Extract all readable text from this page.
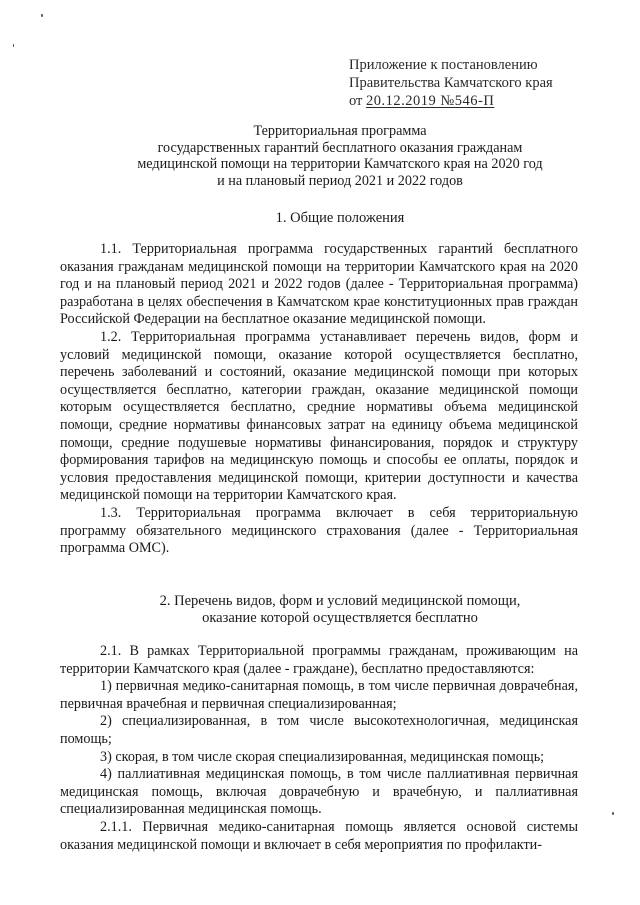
Приложение к постановлению
Правительства Камчатского края
от 20.12.2019 №546-П
Территориальная программа
государственных гарантий бесплатного оказания гражданам
медицинской помощи на территории Камчатского края на 2020 год
и на плановый период 2021 и 2022 годов
1. Общие положения

1.1. Территориальная программа государственных гарантий бесплатного оказания гражданам медицинской помощи на территории Камчатского края на 2020 год и на плановый период 2021 и 2022 годов (далее - Территориальная программа) разработана в целях обеспечения в Камчатском крае конституционных прав граждан Российской Федерации на бесплатное оказание медицинской помощи.

1.2. Территориальная программа устанавливает перечень видов, форм и условий медицинской помощи, оказание которой осуществляется бесплатно, перечень заболеваний и состояний, оказание медицинской помощи при которых осуществляется бесплатно, категории граждан, оказание медицинской помощи которым осуществляется бесплатно, средние нормативы объема медицинской помощи, средние нормативы финансовых затрат на единицу объема медицинской помощи, средние подушевые нормативы финансирования, порядок и структуру формирования тарифов на медицинскую помощь и способы ее оплаты, порядок и условия предоставления медицинской помощи, критерии доступности и качества медицинской помощи на территории Камчатского края.

1.3. Территориальная программа включает в себя территориальную программу обязательного медицинского страхования (далее - Территориальная программа ОМС).

2. Перечень видов, форм и условий медицинской помощи,
оказание которой осуществляется бесплатно

2.1. В рамках Территориальной программы гражданам, проживающим на территории Камчатского края (далее - граждане), бесплатно предоставляются:

1) первичная медико-санитарная помощь, в том числе первичная доврачебная, первичная врачебная и первичная специализированная;

2) специализированная, в том числе высокотехнологичная, медицинская помощь;

3) скорая, в том числе скорая специализированная, медицинская помощь;

4) паллиативная медицинская помощь, в том числе паллиативная первичная медицинская помощь, включая доврачебную и врачебную, и паллиативная специализированная медицинская помощь.

2.1.1. Первичная медико-санитарная помощь является основой системы оказания медицинской помощи и включает в себя мероприятия по профилакти-
